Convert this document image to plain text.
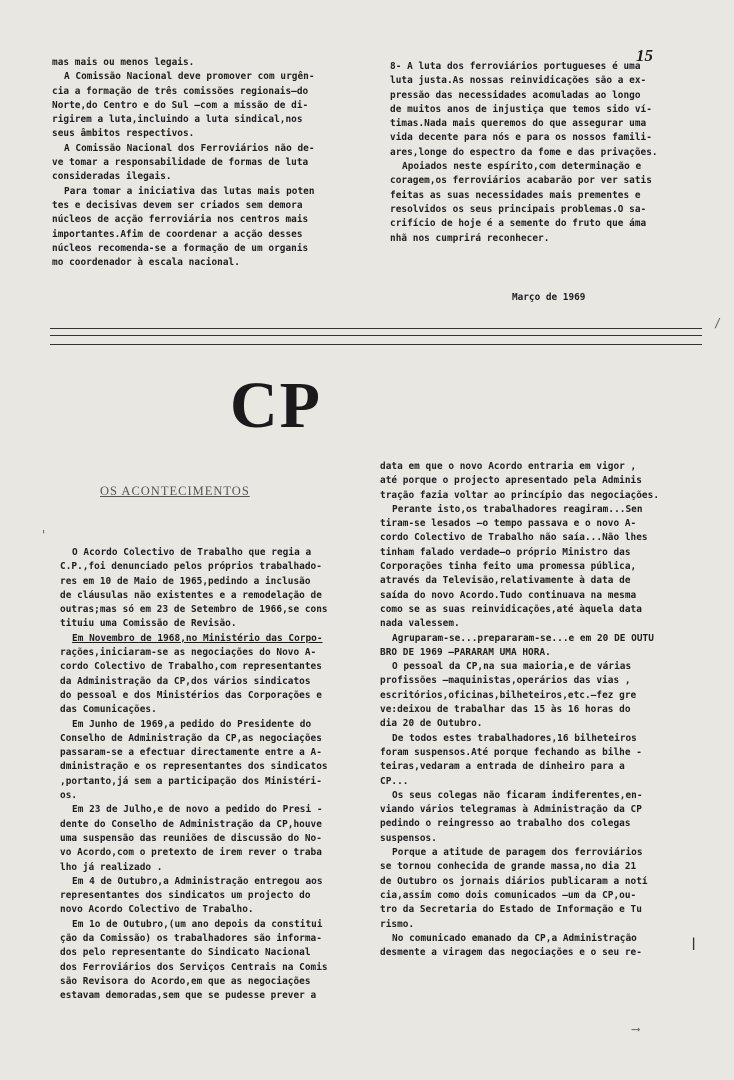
15

mas mais ou menos legais.

A Comissão Nacional deve promover com urgên-

cia a formação de três comissões regionais—do

Norte,do Centro e do Sul —com a missão de di-

rigirem a luta,incluindo a luta sindical,nos

seus âmbitos respectivos.

A Comissão Nacional dos Ferroviários não de-

ve tomar a responsabilidade de formas de luta

consideradas ilegais.

Para tomar a iniciativa das lutas mais poten

tes e decisivas devem ser criados sem demora

núcleos de acção ferroviária nos centros mais

importantes.Afim de coordenar a acção desses

núcleos recomenda-se a formação de um organis

mo coordenador à escala nacional.

8- A luta dos ferroviários portugueses é uma

luta justa.As nossas reinvidicações são a ex-

pressão das necessidades acomuladas ao longo

de muitos anos de injustiça que temos sido ví-

timas.Nada mais queremos do que assegurar uma

vida decente para nós e para os nossos famili-

ares,longe do espectro da fome e das privações.

Apoiados neste espírito,com determinação e

coragem,os ferroviários acabarão por ver satis

feitas as suas necessidades mais prementes e

resolvidos os seus principais problemas.O sa-

crifício de hoje é a semente do fruto que áma

nhã nos cumprirá reconhecer.

Março de 1969
CP
OS ACONTECIMENTOS

O Acordo Colectivo de Trabalho que regia a

C.P.,foi denunciado pelos próprios trabalhado-

res em 10 de Maio de 1965,pedindo a inclusão

de cláusulas não existentes e a remodelação de

outras;mas só em 23 de Setembro de 1966,se cons

tituiu uma Comissão de Revisão.

Em Novembro de 1968,no Ministério das Corpo-

rações,iniciaram-se as negociações do Novo A-

cordo Colectivo de Trabalho,com representantes

da Administração da CP,dos vários sindicatos

do pessoal e dos Ministérios das Corporações e

das Comunicações.

Em Junho de 1969,a pedido do Presidente do

Conselho de Administração da CP,as negociações

passaram-se a efectuar directamente entre a A-

dministração e os representantes dos sindicatos

,portanto,já sem a participação dos Ministéri-

os.

Em 23 de Julho,e de novo a pedido do Presi -

dente do Conselho de Administração da CP,houve

uma suspensão das reuniões de discussão do No-

vo Acordo,com o pretexto de irem rever o traba

lho já realizado .

Em 4 de Outubro,a Administração entregou aos

representantes dos sindicatos um projecto do

novo Acordo Colectivo de Trabalho.

Em 1o de Outubro,(um ano depois da constitui

ção da Comissão) os trabalhadores são informa-

dos pelo representante do Sindicato Nacional

dos Ferroviários dos Serviços Centrais na Comis

são Revisora do Acordo,em que as negociações

estavam demoradas,sem que se pudesse prever a

data em que o novo Acordo entraria em vigor ,

até porque o projecto apresentado pela Adminis

tração fazia voltar ao princípio das negociações.

Perante isto,os trabalhadores reagiram...Sen

tiram-se lesados —o tempo passava e o novo A-

cordo Colectivo de Trabalho não saía...Não lhes

tinham falado verdade—o próprio Ministro das

Corporações tinha feito uma promessa pública,

através da Televisão,relativamente à data de

saída do novo Acordo.Tudo continuava na mesma

como se as suas reinvidicações,até àquela data

nada valessem.

Agruparam-se...prepararam-se...e em 20 DE OUTU

BRO DE 1969 —PARARAM UMA HORA.

O pessoal da CP,na sua maioria,e de várias

profissões —maquinistas,operários das vias ,

escritórios,oficinas,bilheteiros,etc.—fez gre

ve:deixou de trabalhar das 15 às 16 horas do

dia 20 de Outubro.

De todos estes trabalhadores,16 bilheteiros

foram suspensos.Até porque fechando as bilhe -

teiras,vedaram a entrada de dinheiro para a

CP...

Os seus colegas não ficaram indiferentes,en-

viando vários telegramas à Administração da CP

pedindo o reingresso ao trabalho dos colegas

suspensos.

Porque a atitude de paragem dos ferroviários

se tornou conhecida de grande massa,no dia 21

de Outubro os jornais diários publicaram a notí

cia,assim como dois comunicados —um da CP,ou-

tro da Secretaria do Estado de Informação e Tu

rismo.

No comunicado emanado da CP,a Administração

desmente a viragem das negociações e o seu re-

/
|
'
⟶
